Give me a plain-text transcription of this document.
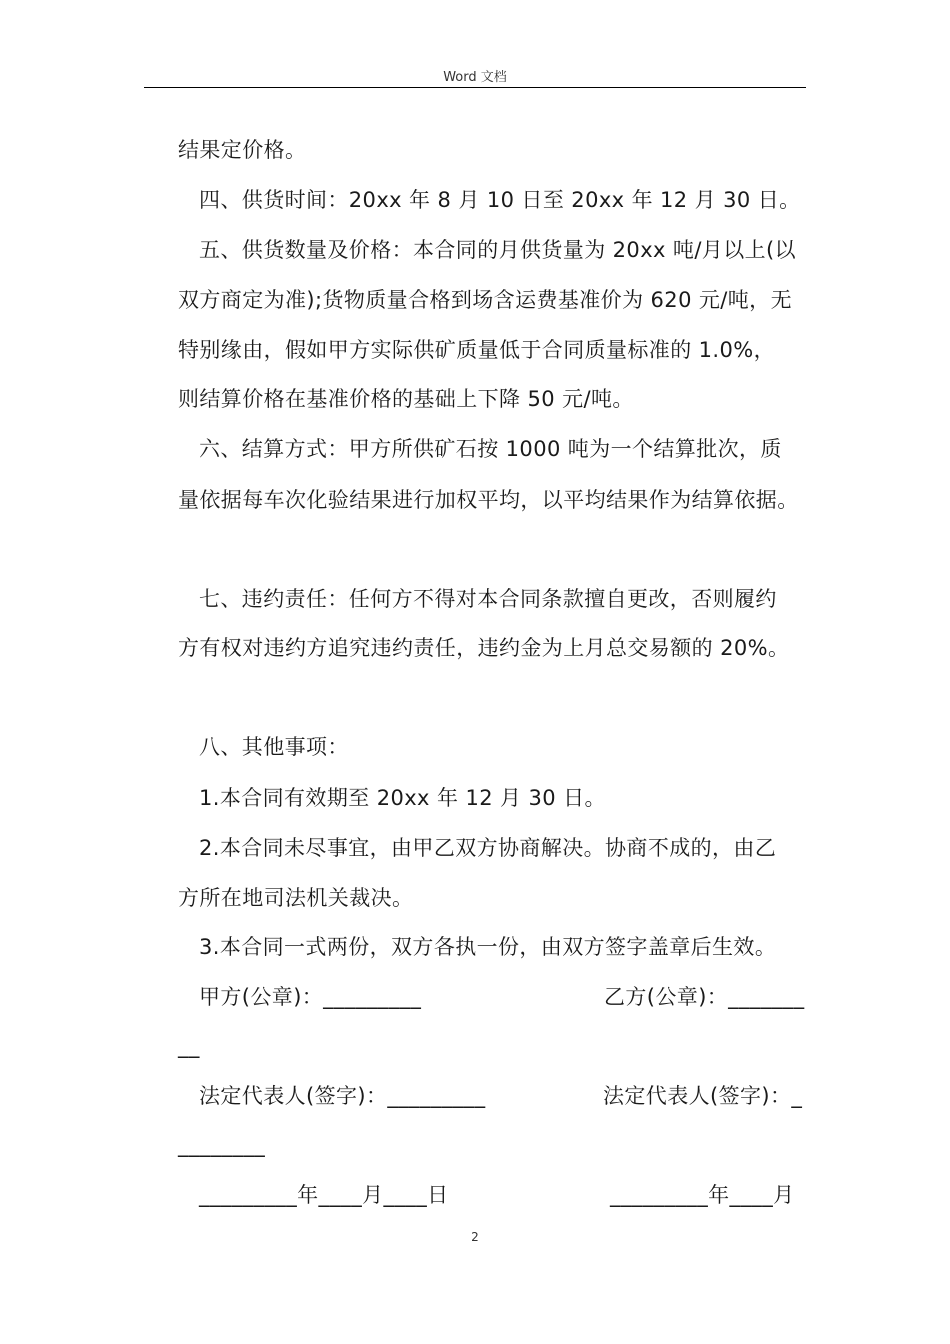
Word 文档
结果定价格。
四、供货时间：20xx 年 8 月 10 日至 20xx 年 12 月 30 日。
五、供货数量及价格：本合同的月供货量为 20xx 吨/月以上(以
双方商定为准);货物质量合格到场含运费基准价为 620 元/吨，无
特别缘由，假如甲方实际供矿质量低于合同质量标准的 1.0%，
则结算价格在基准价格的基础上下降 50 元/吨。
六、结算方式：甲方所供矿石按 1000 吨为一个结算批次，质
量依据每车次化验结果进行加权平均，以平均结果作为结算依据。
七、违约责任：任何方不得对本合同条款擅自更改，否则履约
方有权对违约方追究违约责任，违约金为上月总交易额的 20%。
八、其他事项：
1.本合同有效期至 20xx 年 12 月 30 日。
2.本合同未尽事宜，由甲乙双方协商解决。协商不成的，由乙
方所在地司法机关裁决。
3.本合同一式两份，双方各执一份，由双方签字盖章后生效。
甲方(公章)：_________	乙方(公章)：_______
__
法定代表人(签字)：_________	法定代表人(签字)：_
________
_________年____月____日	_________年____月
2
